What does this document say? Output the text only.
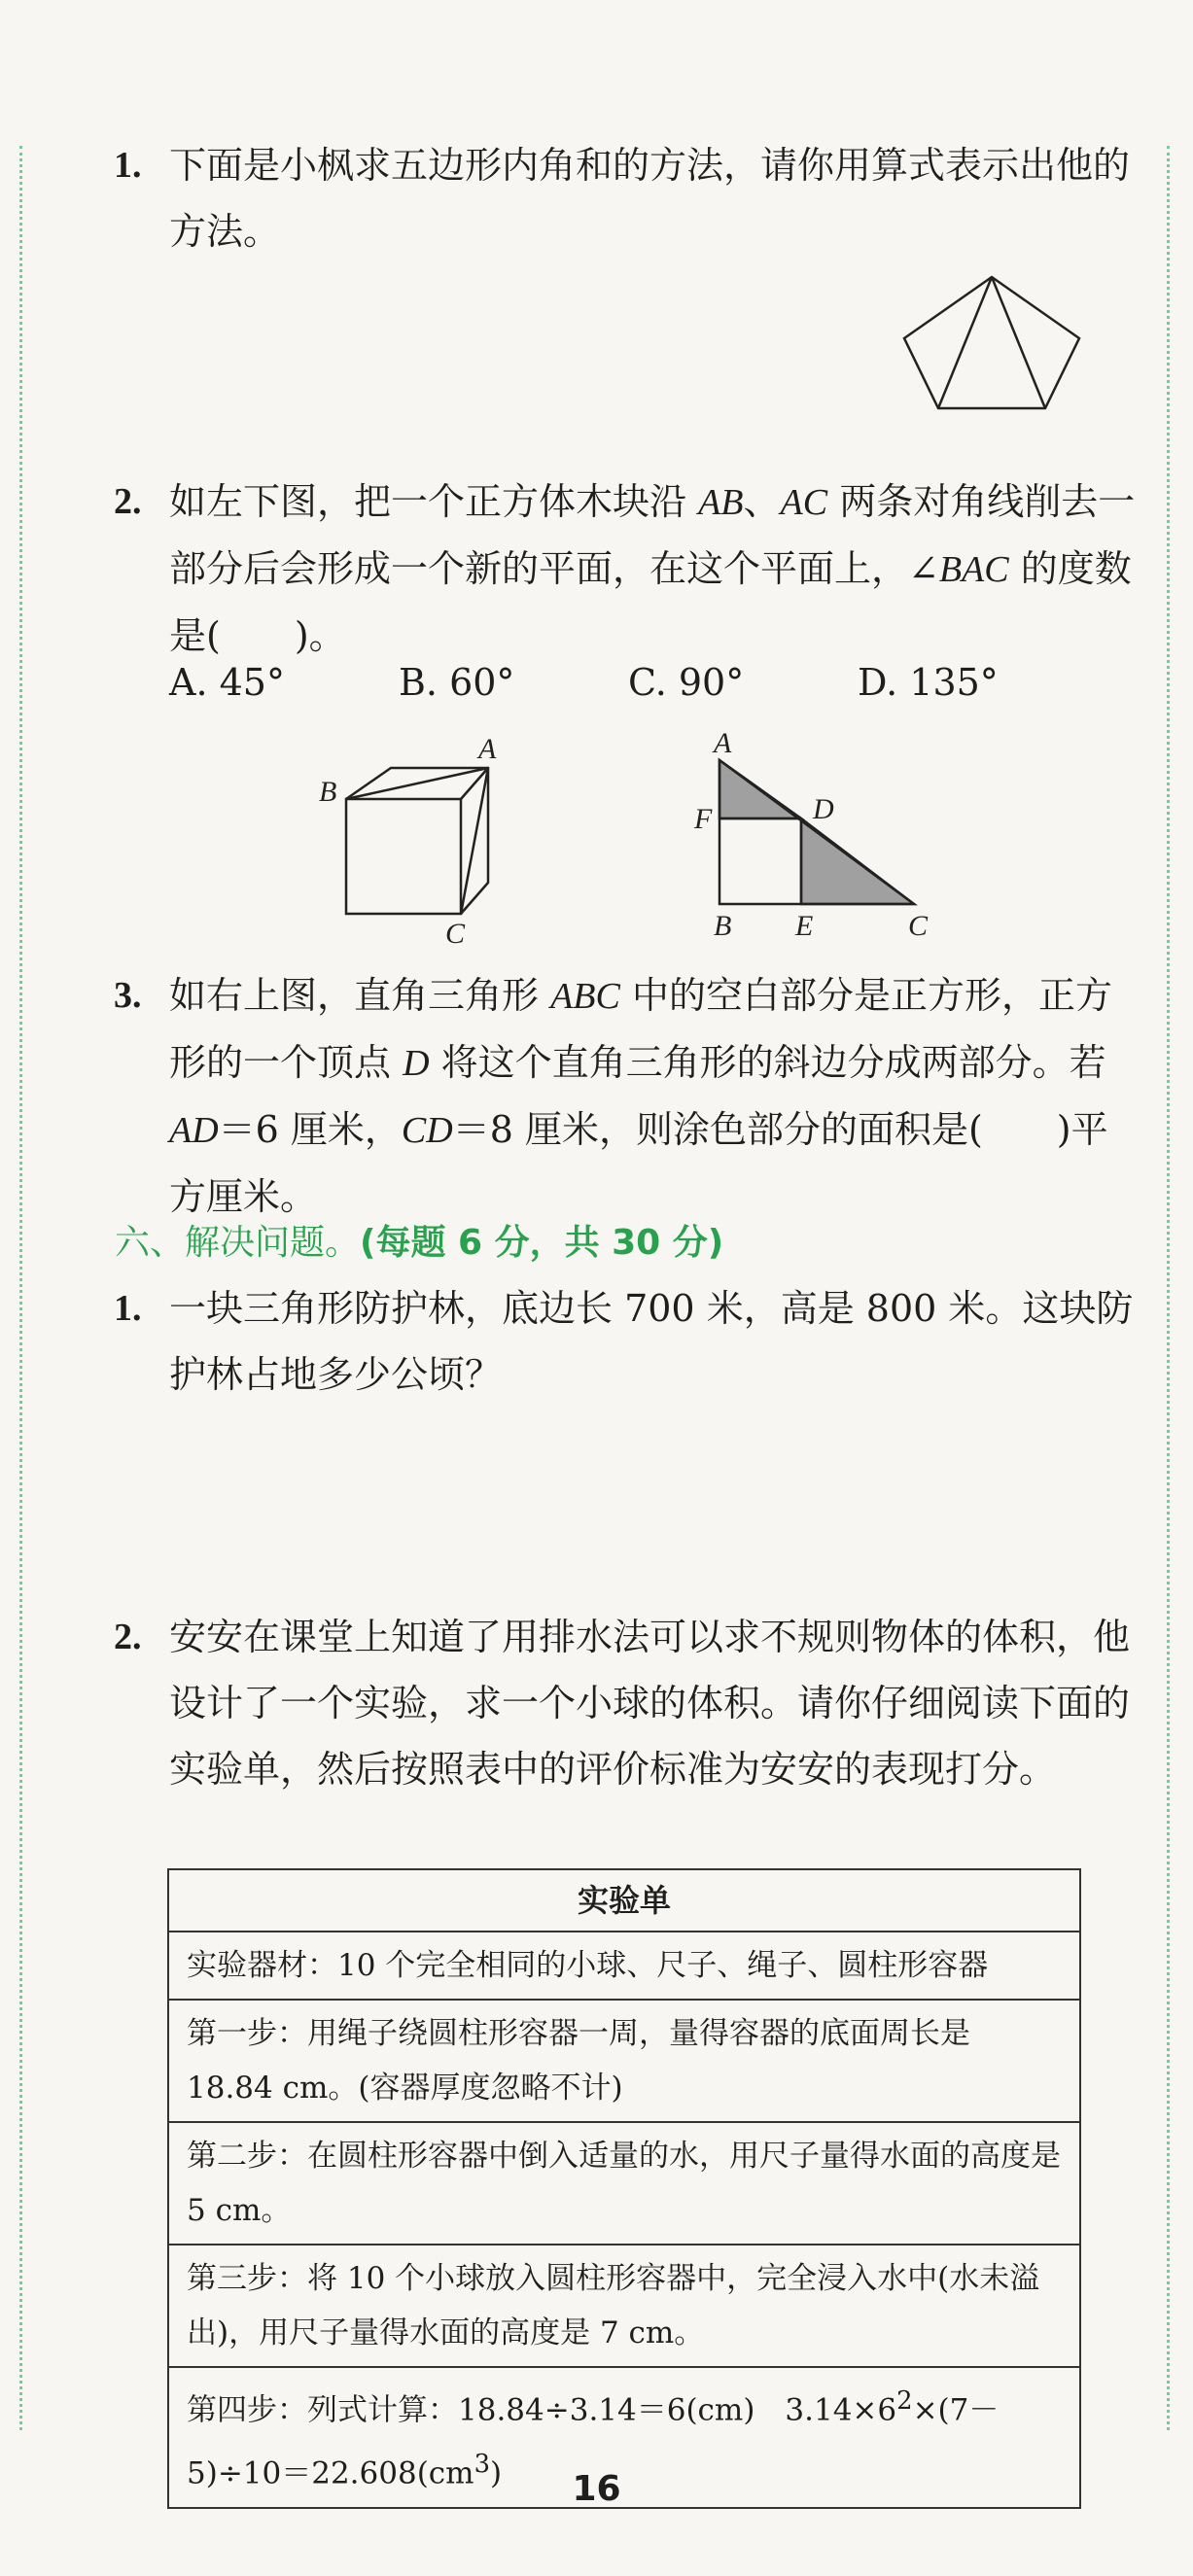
1. 下面是小枫求五边形内角和的方法，请你用算式表示出他的方法。
2. 如左下图，把一个正方体木块沿 AB、AC 两条对角线削去一部分后会形成一个新的平面，在这个平面上，∠BAC 的度数是(　　)。
A. 45°	B. 60°	C. 90°	D. 135°
A
B
C
A
F	D
B E	C
3. 如右上图，直角三角形 ABC 中的空白部分是正方形，正方形的一个顶点 D 将这个直角三角形的斜边分成两部分。若 AD＝6 厘米，CD＝8 厘米，则涂色部分的面积是(　　)平方厘米。
六、解决问题。(每题 6 分，共 30 分)
1. 一块三角形防护林，底边长 700 米，高是 800 米。这块防护林占地多少公顷？
2. 安安在课堂上知道了用排水法可以求不规则物体的体积，他设计了一个实验，求一个小球的体积。请你仔细阅读下面的实验单，然后按照表中的评价标准为安安的表现打分。
实验单
实验器材：10 个完全相同的小球、尺子、绳子、圆柱形容器
第一步：用绳子绕圆柱形容器一周，量得容器的底面周长是 18.84 cm。(容器厚度忽略不计)
第二步：在圆柱形容器中倒入适量的水，用尺子量得水面的高度是 5 cm。
第三步：将 10 个小球放入圆柱形容器中，完全浸入水中(水未溢出)，用尺子量得水面的高度是 7 cm。
第四步：列式计算：18.84÷3.14＝6(cm)　$3.14\times 6^2\times(7-5)\div 10=22.608(cm^3)$	16
